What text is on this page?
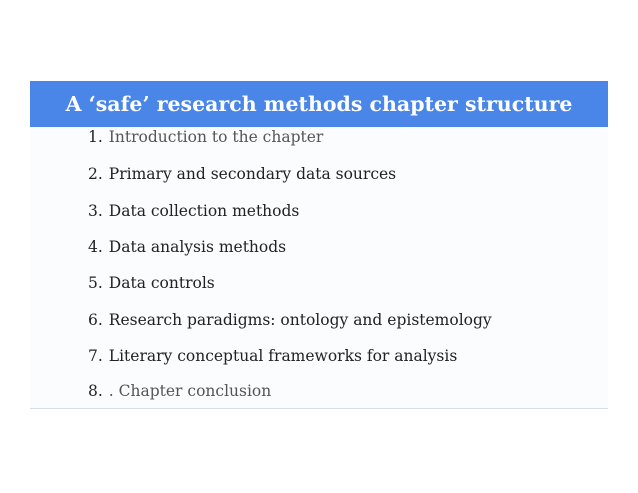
A ‘safe’ research methods chapter structure
1. Introduction to the chapter
2. Primary and secondary data sources
3. Data collection methods
4. Data analysis methods
5. Data controls
6. Research paradigms: ontology and epistemology
7. Literary conceptual frameworks for analysis
8. . Chapter conclusion
